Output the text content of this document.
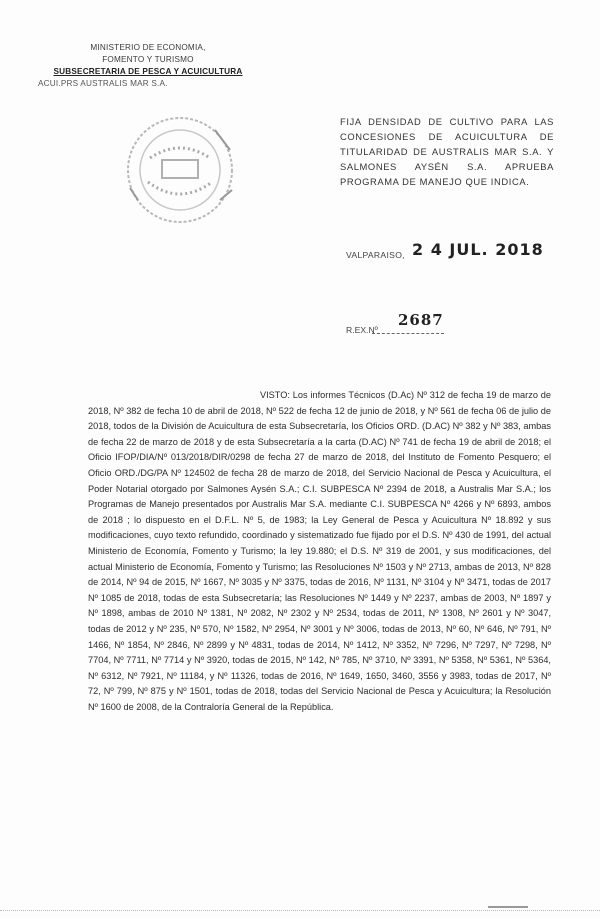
MINISTERIO DE ECONOMIA,
FOMENTO Y TURISMO
SUBSECRETARIA DE PESCA Y ACUICULTURA
ACUI.PRS AUSTRALIS MAR S.A.
FIJA DENSIDAD DE CULTIVO PARA LAS CONCESIONES DE ACUICULTURA DE TITULARIDAD DE AUSTRALIS MAR S.A. Y SALMONES AYSÉN S.A. APRUEBA PROGRAMA DE MANEJO QUE INDICA.
VALPARAISO, 2 4 JUL. 2018
R.EX.Nº
2687
VISTO: Los informes Técnicos (D.Ac) Nº 312 de fecha 19 de marzo de 2018, Nº 382 de fecha 10 de abril de 2018, Nº 522 de fecha 12 de junio de 2018, y Nº 561 de fecha 06 de julio de 2018, todos de la División de Acuicultura de esta Subsecretaría, los Oficios ORD. (D.AC) Nº 382 y Nº 383, ambas de fecha 22 de marzo de 2018 y de esta Subsecretaría a la carta (D.AC) Nº 741 de fecha 19 de abril de 2018; el Oficio IFOP/DIA/Nº 013/2018/DIR/0298 de fecha 27 de marzo de 2018, del Instituto de Fomento Pesquero; el Oficio ORD./DG/PA Nº 124502 de fecha 28 de marzo de 2018, del Servicio Nacional de Pesca y Acuicultura, el Poder Notarial otorgado por Salmones Aysén S.A.; C.I. SUBPESCA Nº 2394 de 2018, a Australis Mar S.A.; los Programas de Manejo presentados por Australis Mar S.A. mediante C.I. SUBPESCA Nº 4266 y Nº 6893, ambos de 2018 ; lo dispuesto en el D.F.L. Nº 5, de 1983; la Ley General de Pesca y Acuicultura Nº 18.892 y sus modificaciones, cuyo texto refundido, coordinado y sistematizado fue fijado por el D.S. Nº 430 de 1991, del actual Ministerio de Economía, Fomento y Turismo; la ley 19.880; el D.S. Nº 319 de 2001, y sus modificaciones, del actual Ministerio de Economía, Fomento y Turismo; las Resoluciones Nº 1503 y Nº 2713, ambas de 2013, Nº 828 de 2014, Nº 94 de 2015, Nº 1667, Nº 3035 y Nº 3375, todas de 2016, Nº 1131, Nº 3104 y Nº 3471, todas de 2017 Nº 1085 de 2018, todas de esta Subsecretaría; las Resoluciones Nº 1449 y Nº 2237, ambas de 2003, Nº 1897 y Nº 1898, ambas de 2010 Nº 1381, Nº 2082, Nº 2302 y Nº 2534, todas de 2011, Nº 1308, Nº 2601 y Nº 3047, todas de 2012 y Nº 235, Nº 570, Nº 1582, Nº 2954, Nº 3001 y Nº 3006, todas de 2013, Nº 60, Nº 646, Nº 791, Nº 1466, Nº 1854, Nº 2846, Nº 2899 y Nº 4831, todas de 2014, Nº 1412, Nº 3352, Nº 7296, Nº 7297, Nº 7298, Nº 7704, Nº 7711, Nº 7714 y Nº 3920, todas de 2015, Nº 142, Nº 785, Nº 3710, Nº 3391, Nº 5358, Nº 5361, Nº 5364, Nº 6312, Nº 7921, Nº 11184, y Nº 11326, todas de 2016, Nº 1649, 1650, 3460, 3556 y 3983, todas de 2017, Nº 72, Nº 799, Nº 875 y Nº 1501, todas de 2018, todas del Servicio Nacional de Pesca y Acuicultura; la Resolución Nº 1600 de 2008, de la Contraloría General de la República.
